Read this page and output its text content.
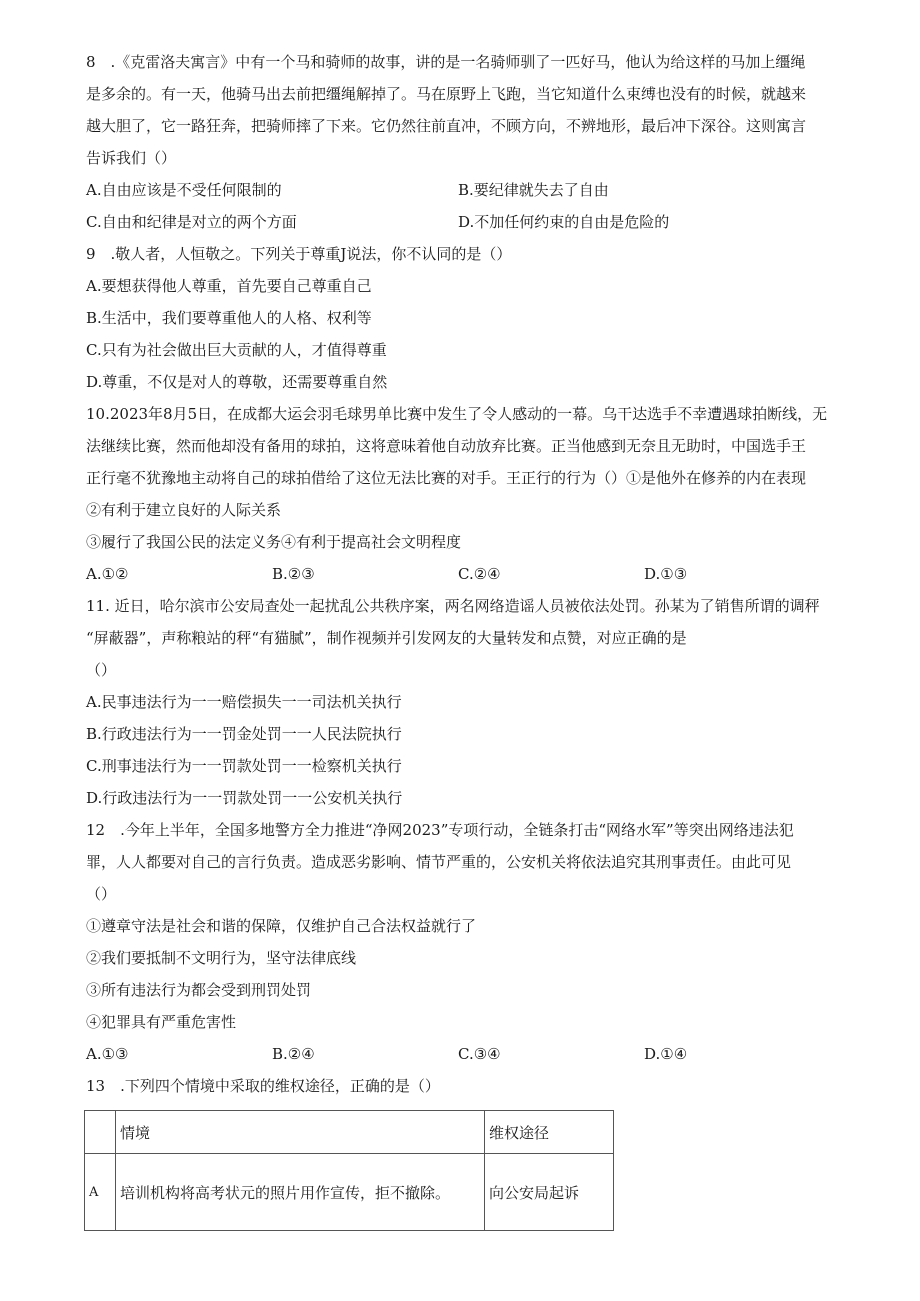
8　.《克雷洛夫寓言》中有一个马和骑师的故事，讲的是一名骑师驯了一匹好马，他认为给这样的马加上缰绳
是多余的。有一天，他骑马出去前把缰绳解掉了。马在原野上飞跑，当它知道什么束缚也没有的时候，就越来
越大胆了，它一路狂奔，把骑师摔了下来。它仍然往前直冲，不顾方向，不辨地形，最后冲下深谷。这则寓言
告诉我们（）
A.自由应该是不受任何限制的	B.要纪律就失去了自由
C.自由和纪律是对立的两个方面	D.不加任何约束的自由是危险的
9　.敬人者，人恒敬之。下列关于尊重J说法，你不认同的是（）
A.要想获得他人尊重，首先要自己尊重自己
B.生活中，我们要尊重他人的人格、权利等
C.只有为社会做出巨大贡献的人，才值得尊重
D.尊重，不仅是对人的尊敬，还需要尊重自然
10.2023年8月5日，在成都大运会羽毛球男单比赛中发生了令人感动的一幕。乌干达选手不幸遭遇球拍断线，无
法继续比赛，然而他却没有备用的球拍，这将意味着他自动放弃比赛。正当他感到无奈且无助时，中国选手王
正行毫不犹豫地主动将自己的球拍借给了这位无法比赛的对手。王正行的行为（）①是他外在修养的内在表现
②有利于建立良好的人际关系
③履行了我国公民的法定义务④有利于提高社会文明程度
A.①②	B.②③	C.②④	D.①③
11. 近日，哈尔滨市公安局查处一起扰乱公共秩序案，两名网络造谣人员被依法处罚。孙某为了销售所谓的调秤
“屏蔽器”，声称粮站的秤“有猫腻”，制作视频并引发网友的大量转发和点赞，对应正确的是
（）
A.民事违法行为一一赔偿损失一一司法机关执行
B.行政违法行为一一罚金处罚一一人民法院执行
C.刑事违法行为一一罚款处罚一一检察机关执行
D.行政违法行为一一罚款处罚一一公安机关执行
12　.今年上半年，全国多地警方全力推进“净网2023”专项行动，全链条打击“网络水军”等突出网络违法犯
罪，人人都要对自己的言行负责。造成恶劣影响、情节严重的，公安机关将依法追究其刑事责任。由此可见
（）
①遵章守法是社会和谐的保障，仅维护自己合法权益就行了
②我们要抵制不文明行为，坚守法律底线
③所有违法行为都会受到刑罚处罚
④犯罪具有严重危害性
A.①③	B.②④	C.③④	D.①④
13　.下列四个情境中采取的维权途径，正确的是（）
	情境	维权途径
A	培训机构将高考状元的照片用作宣传，拒不撤除。	向公安局起诉
